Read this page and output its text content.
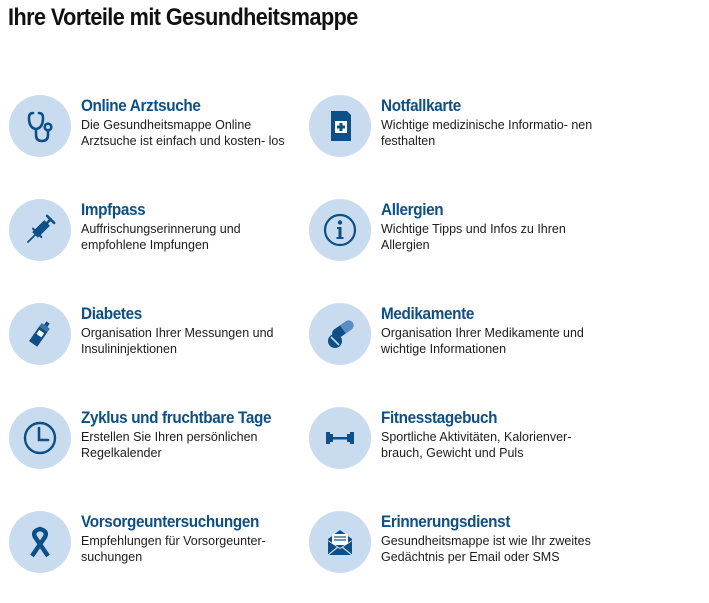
Ihre Vorteile mit Gesundheitsmappe
Online Arztsuche
Die Gesundheitsmappe Online Arztsuche ist einfach und kosten- los
Notfallkarte
Wichtige medizinische Informatio- nen festhalten
Impfpass
Auffrischungserinnerung und empfohlene Impfungen
Allergien
Wichtige Tipps und Infos zu Ihren Allergien
Diabetes
Organisation Ihrer Messungen und Insulininjektionen
Medikamente
Organisation Ihrer Medikamente und wichtige Informationen
Zyklus und fruchtbare Tage
Erstellen Sie Ihren persönlichen Regelkalender
Fitnesstagebuch
Sportliche Aktivitäten, Kalorienver- brauch, Gewicht und Puls
Vorsorgeuntersuchungen
Empfehlungen für Vorsorgeunter- suchungen
Erinnerungsdienst
Gesundheitsmappe ist wie Ihr zweites Gedächtnis per Email oder SMS
